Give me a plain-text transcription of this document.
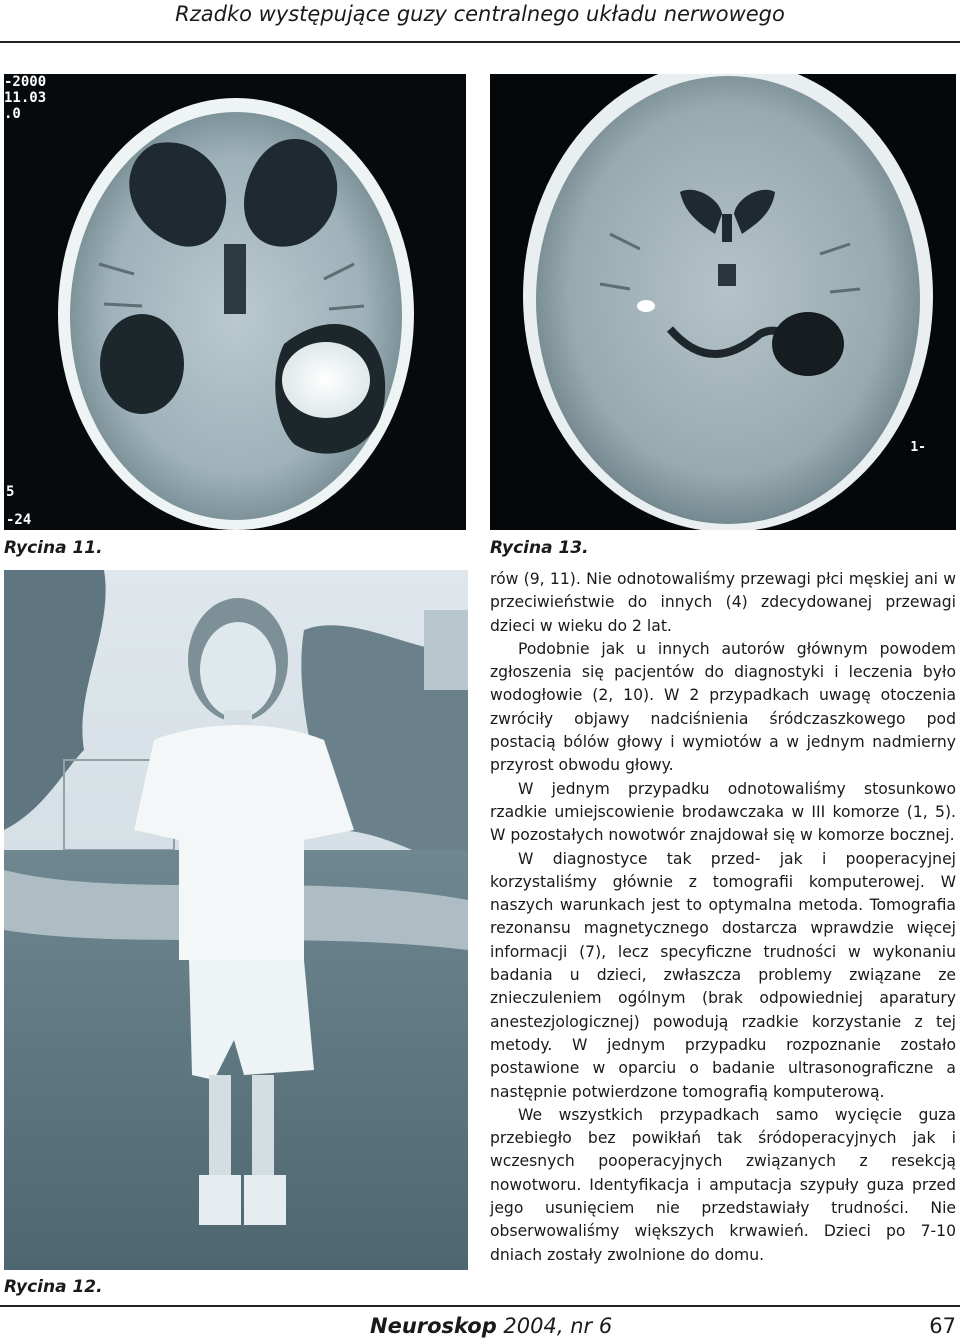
Rzadko występujące guzy centralnego układu nerwowego
-2000
11.03
.0
5
-24
Rycina 11.
1-
Rycina 13.
Rycina 12.

rów (9, 11). Nie odnotowaliśmy przewagi płci męskiej ani w przeciwieństwie do innych (4) zdecydowanej przewagi dzieci w wieku do 2 lat.

Podobnie jak u innych autorów głównym powodem zgłoszenia się pacjentów do diagnostyki i leczenia było wodogłowie (2, 10). W 2 przypadkach uwagę otoczenia zwróciły objawy nadciśnienia śródczaszkowego pod postacią bólów głowy i wymiotów a w jednym nadmierny przyrost obwodu głowy.

W jednym przypadku odnotowaliśmy stosunkowo rzadkie umiejscowienie brodawczaka w III komorze (1, 5). W pozostałych nowotwór znajdował się w komorze bocznej.

W diagnostyce tak przed- jak i pooperacyjnej korzystaliśmy głównie z tomografii komputerowej. W naszych warunkach jest to optymalna metoda. Tomografia rezonansu magnetycznego dostarcza wprawdzie więcej informacji (7), lecz specyficzne trudności w wykonaniu badania u dzieci, zwłaszcza problemy związane ze znieczuleniem ogólnym (brak odpowiedniej aparatury anestezjologicznej) powodują rzadkie korzystanie z tej metody. W jednym przypadku rozpoznanie zostało postawione w oparciu o badanie ultrasonograficzne a następnie potwierdzone tomografią komputerową.

We wszystkich przypadkach samo wycięcie guza przebiegło bez powikłań tak śródoperacyjnych jak i wczesnych pooperacyjnych związanych z resekcją nowotworu. Identyfikacja i amputacja szypuły guza przed jego usunięciem nie przedstawiały trudności. Nie obserwowaliśmy większych krwawień. Dzieci po 7-10 dniach zostały zwolnione do domu.

Neuroskop 2004, nr 6	67
